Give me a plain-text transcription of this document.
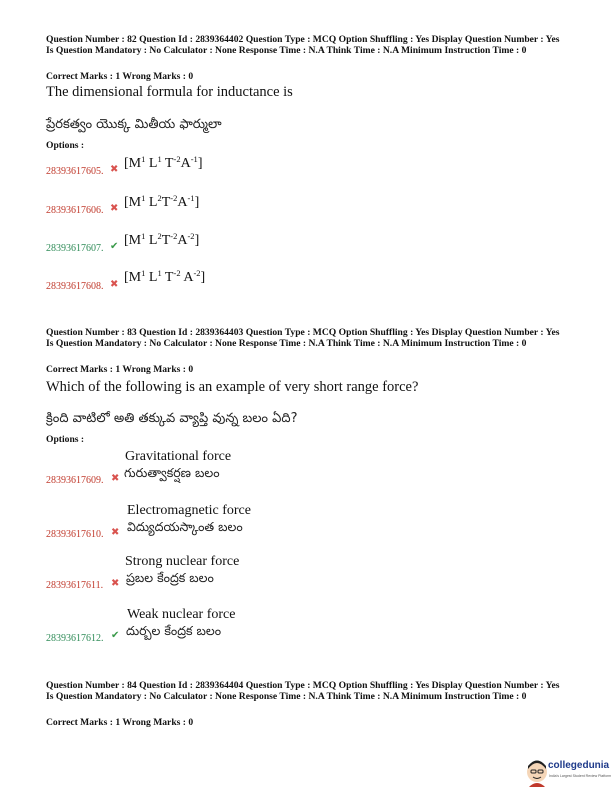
Question Number : 82 Question Id : 2839364402 Question Type : MCQ Option Shuffling : Yes Display Question Number : Yes Is Question Mandatory : No Calculator : None Response Time : N.A Think Time : N.A Minimum Instruction Time : 0
Correct Marks : 1 Wrong Marks : 0
The dimensional formula for inductance is
ప్రేరకత్వం యొక్క మితీయ ఫార్ములా
Options :
28393617605. ✖ [$M^1$ $L^1$ $T^{-2}A^{-1}$]
28393617606. ✖ [$M^1$ $L^2T^{-2}A^{-1}$]
28393617607. ✔ [$M^1$ $L^2T^{-2}A^{-2}$]
28393617608. ✖ [$M^1$ $L^1$ $T^{-2}$ $A^{-2}$]
Question Number : 83 Question Id : 2839364403 Question Type : MCQ Option Shuffling : Yes Display Question Number : Yes Is Question Mandatory : No Calculator : None Response Time : N.A Think Time : N.A Minimum Instruction Time : 0
Correct Marks : 1 Wrong Marks : 0
Which of the following is an example of very short range force?
క్రింది వాటిలో అతి తక్కువ వ్యాప్తి వున్న బలం ఏది?
Options :
28393617609. ✖
Gravitational force
గురుత్వాకర్షణ బలం
28393617610. ✖
Electromagnetic force
విద్యుదయస్కాంత బలం
28393617611. ✖
Strong nuclear force
ప్రబల కేంద్రక బలం
28393617612. ✔
Weak nuclear force
దుర్బల కేంద్రక బలం
Question Number : 84 Question Id : 2839364404 Question Type : MCQ Option Shuffling : Yes Display Question Number : Yes Is Question Mandatory : No Calculator : None Response Time : N.A Think Time : N.A Minimum Instruction Time : 0
Correct Marks : 1 Wrong Marks : 0
collegedunia
India's Largest Student Review Platform
